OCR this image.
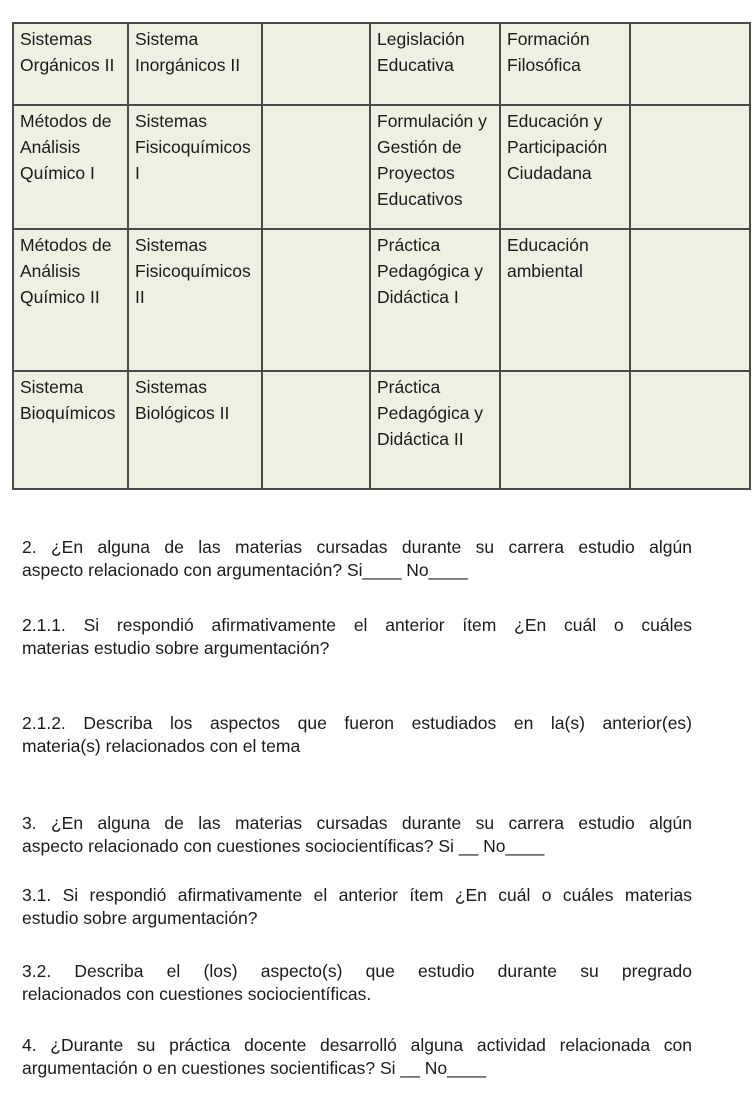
Sistemas Orgánicos II	Sistema Inorgánicos II		Legislación Educativa	Formación Filosófica	
Métodos de Análisis Químico I	Sistemas Fisicoquímicos I		Formulación y Gestión de Proyectos Educativos	Educación y Participación Ciudadana	
Métodos de Análisis Químico II	Sistemas Fisicoquímicos II		Práctica Pedagógica y Didáctica I	Educación ambiental	
Sistema Bioquímicos	Sistemas Biológicos II		Práctica Pedagógica y Didáctica II		

2. ¿En alguna de las materias cursadas durante su carrera estudio algún
aspecto relacionado con argumentación? Si____ No____

2.1.1. Si respondió afirmativamente el anterior ítem ¿En cuál o cuáles
materias estudio sobre argumentación?

2.1.2. Describa los aspectos que fueron estudiados en la(s) anterior(es)
materia(s) relacionados con el tema

3. ¿En alguna de las materias cursadas durante su carrera estudio algún
aspecto relacionado con cuestiones sociocientíficas? Si __ No____

3.1. Si respondió afirmativamente el anterior ítem ¿En cuál o cuáles materias
estudio sobre argumentación?

3.2. Describa el (los) aspecto(s) que estudio durante su pregrado
relacionados con cuestiones sociocientíficas.

4. ¿Durante su práctica docente desarrolló alguna actividad relacionada con
argumentación o en cuestiones socientificas? Si __ No____
